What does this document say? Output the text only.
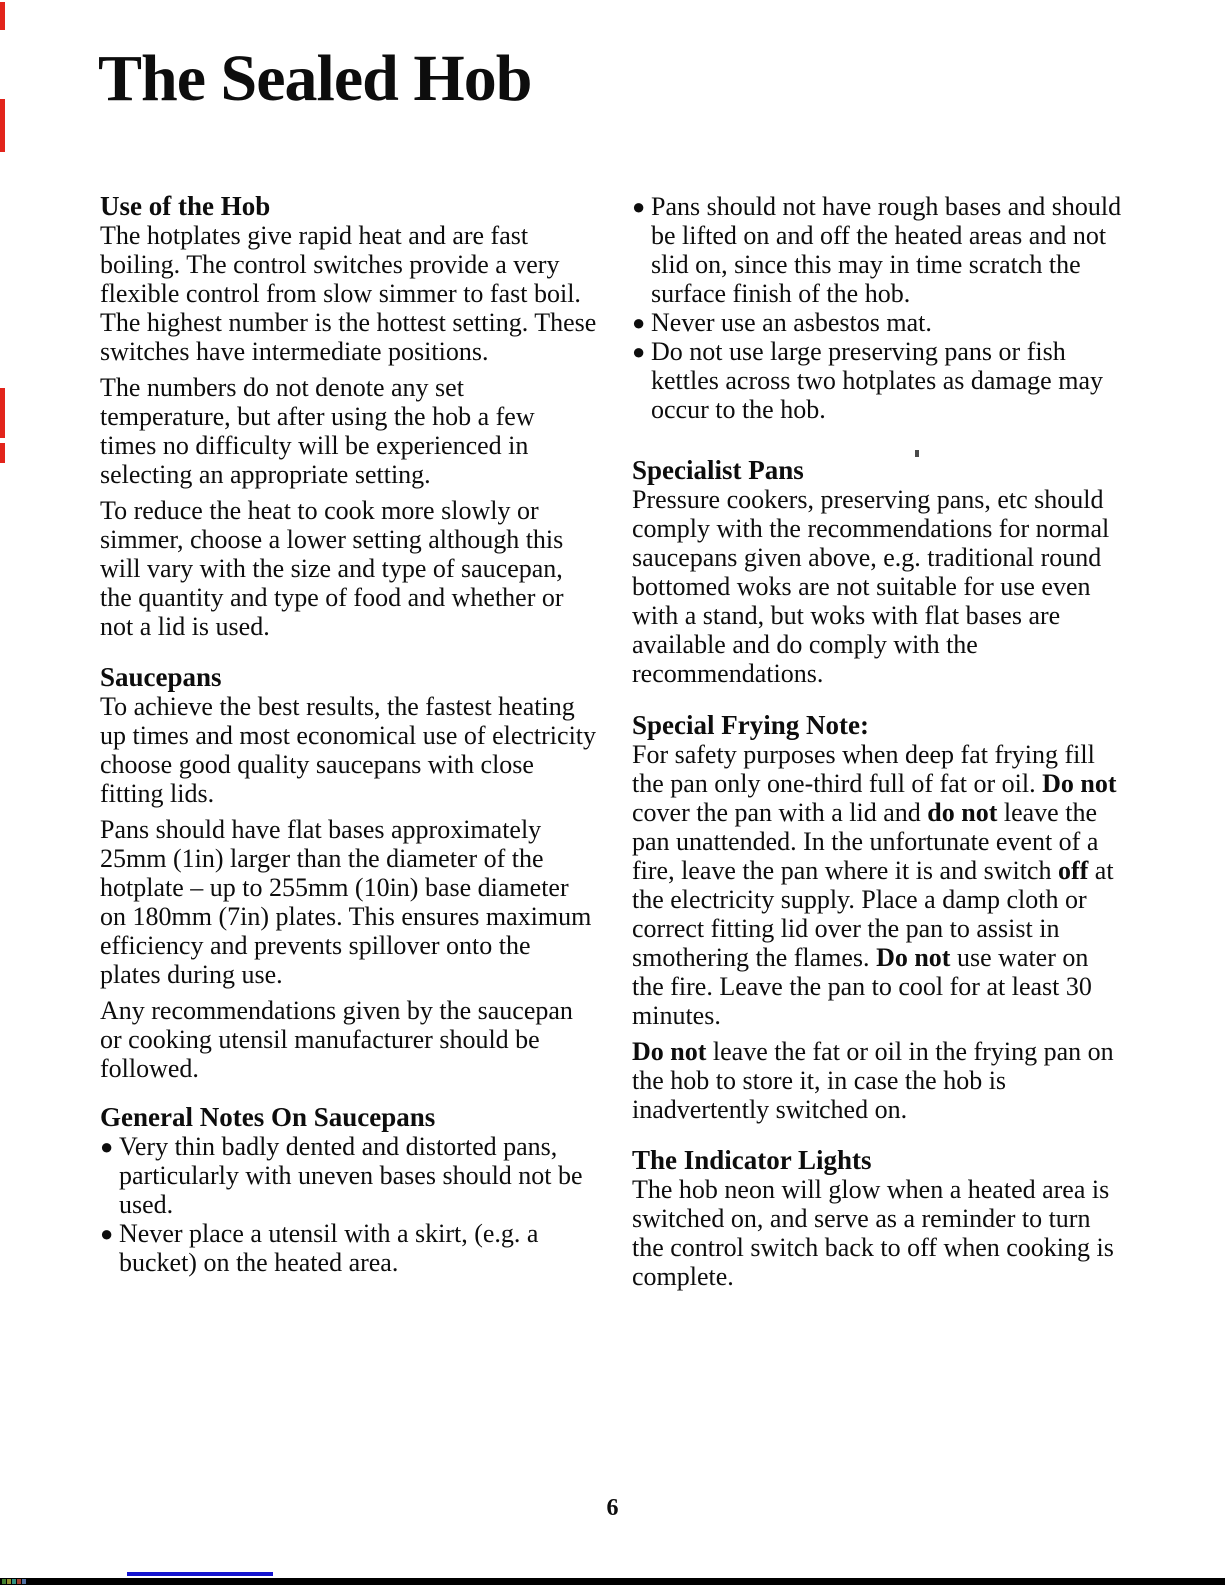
The Sealed Hob
Use of the Hob

The hotplates give rapid heat and are fast boiling. The control switches provide a very flexible control from slow simmer to fast boil. The highest number is the hottest setting. These switches have intermediate positions.

The numbers do not denote any set temperature, but after using the hob a few times no difficulty will be experienced in selecting an appropriate setting.

To reduce the heat to cook more slowly or simmer, choose a lower setting although this will vary with the size and type of saucepan, the quantity and type of food and whether or not a lid is used.

Saucepans

To achieve the best results, the fastest heating up times and most economical use of electricity choose good quality saucepans with close fitting lids.

Pans should have flat bases approximately 25mm (1in) larger than the diameter of the hotplate – up to 255mm (10in) base diameter on 180mm (7in) plates. This ensures maximum efficiency and prevents spillover onto the plates during use.

Any recommendations given by the saucepan or cooking utensil manufacturer should be followed.

General Notes On Saucepans
● Very thin badly dented and distorted pans, particularly with uneven bases should not be used.
● Never place a utensil with a skirt, (e.g. a bucket) on the heated area.
● Pans should not have rough bases and should be lifted on and off the heated areas and not slid on, since this may in time scratch the surface finish of the hob.
● Never use an asbestos mat.
● Do not use large preserving pans or fish kettles across two hotplates as damage may occur to the hob.
Specialist Pans

Pressure cookers, preserving pans, etc should comply with the recommendations for normal saucepans given above, e.g. traditional round bottomed woks are not suitable for use even with a stand, but woks with flat bases are available and do comply with the recommendations.

Special Frying Note:

For safety purposes when deep fat frying fill the pan only one-third full of fat or oil. Do not cover the pan with a lid and do not leave the pan unattended. In the unfortunate event of a fire, leave the pan where it is and switch off at the electricity supply. Place a damp cloth or correct fitting lid over the pan to assist in smothering the flames. Do not use water on the fire. Leave the pan to cool for at least 30 minutes.

Do not leave the fat or oil in the frying pan on the hob to store it, in case the hob is inadvertently switched on.

The Indicator Lights

The hob neon will glow when a heated area is switched on, and serve as a reminder to turn the control switch back to off when cooking is complete.

6
